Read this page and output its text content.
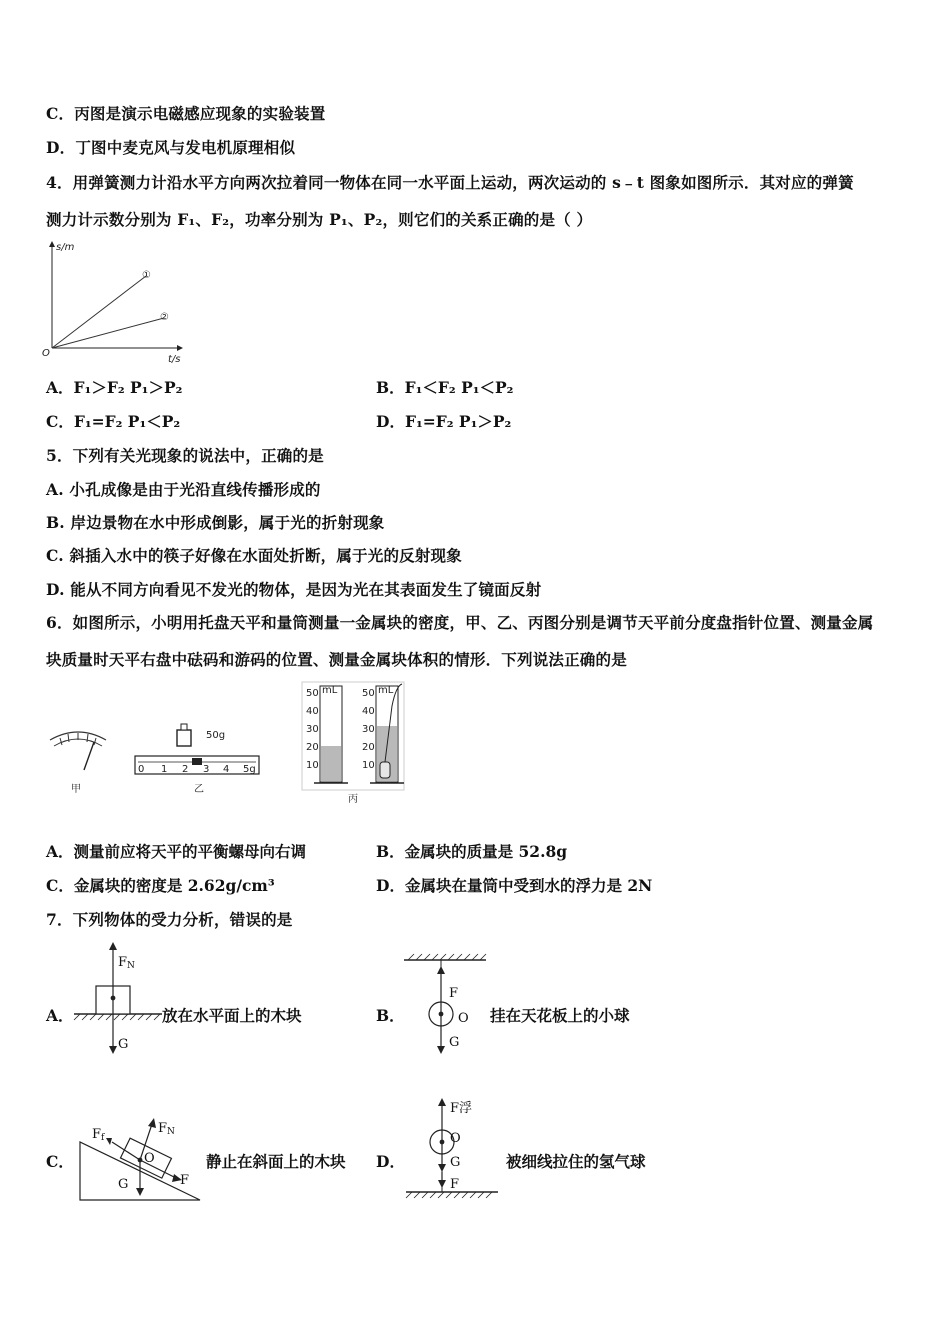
C．丙图是演示电磁感应现象的实验装置
D．丁图中麦克风与发电机原理相似
4．用弹簧测力计沿水平方向两次拉着同一物体在同一水平面上运动，两次运动的 s﹣t 图象如图所示．其对应的弹簧
测力计示数分别为 F₁、F₂，功率分别为 P₁、P₂，则它们的关系正确的是（ ）
s/m
t/s
O
①
②
A．F₁＞F₂ P₁＞P₂	B．F₁＜F₂ P₁＜P₂
C．F₁=F₂ P₁＜P₂	D．F₁=F₂ P₁＞P₂
5．下列有关光现象的说法中，正确的是
A. 小孔成像是由于光沿直线传播形成的
B. 岸边景物在水中形成倒影，属于光的折射现象
C. 斜插入水中的筷子好像在水面处折断，属于光的反射现象
D. 能从不同方向看见不发光的物体，是因为光在其表面发生了镜面反射
6．如图所示，小明用托盘天平和量筒测量一金属块的密度，甲、乙、丙图分别是调节天平前分度盘指针位置、测量金属
块质量时天平右盘中砝码和游码的位置、测量金属块体积的情形．下列说法正确的是
甲
50g
0 1 2 3 4 5g
乙
50
40
30
20
10
mL 50
40
30
20
10
mL
丙
A．测量前应将天平的平衡螺母向右调	B．金属块的质量是 52.8g
C．金属块的密度是 2.62g/cm³	D．金属块在量筒中受到水的浮力是 2N
7．下列物体的受力分析，错误的是
A．
FN
G
放在水平面上的木块	B．
F
O
G
挂在天花板上的小球
C．
Ff
FN
O
G	F
静止在斜面上的木块 D．
F浮
O
G
F
被细线拉住的氢气球
